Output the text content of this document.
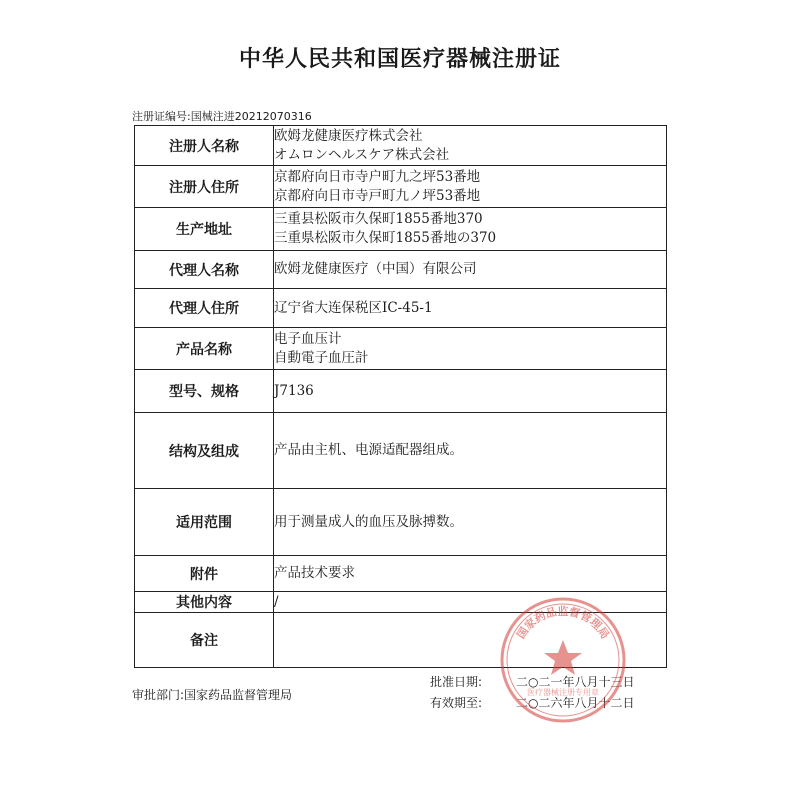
中华人民共和国医疗器械注册证
注册证编号:国械注进20212070316
注册人名称	欧姆龙健康医疗株式会社
オムロンヘルスケア株式会社

注册人住所	京都府向日市寺户町九之坪53番地
京都府向日市寺戸町九ノ坪53番地

生产地址	三重县松阪市久保町1855番地370
三重県松阪市久保町1855番地の370

代理人名称	欧姆龙健康医疗（中国）有限公司

代理人住所	辽宁省大连保税区IC-45-1

产品名称	电子血压计
自動電子血圧計

型号、规格	J7136

结构及组成	产品由主机、电源适配器组成。

适用范围	用于测量成人的血压及脉搏数。

附件	产品技术要求

其他内容	/

备注	
审批部门:国家药品监督管理局
批准日期:	二○二一年八月十三日
有效期至:	二○二六年八月十二日
国家药品监督管理局
医疗器械注册专用章
